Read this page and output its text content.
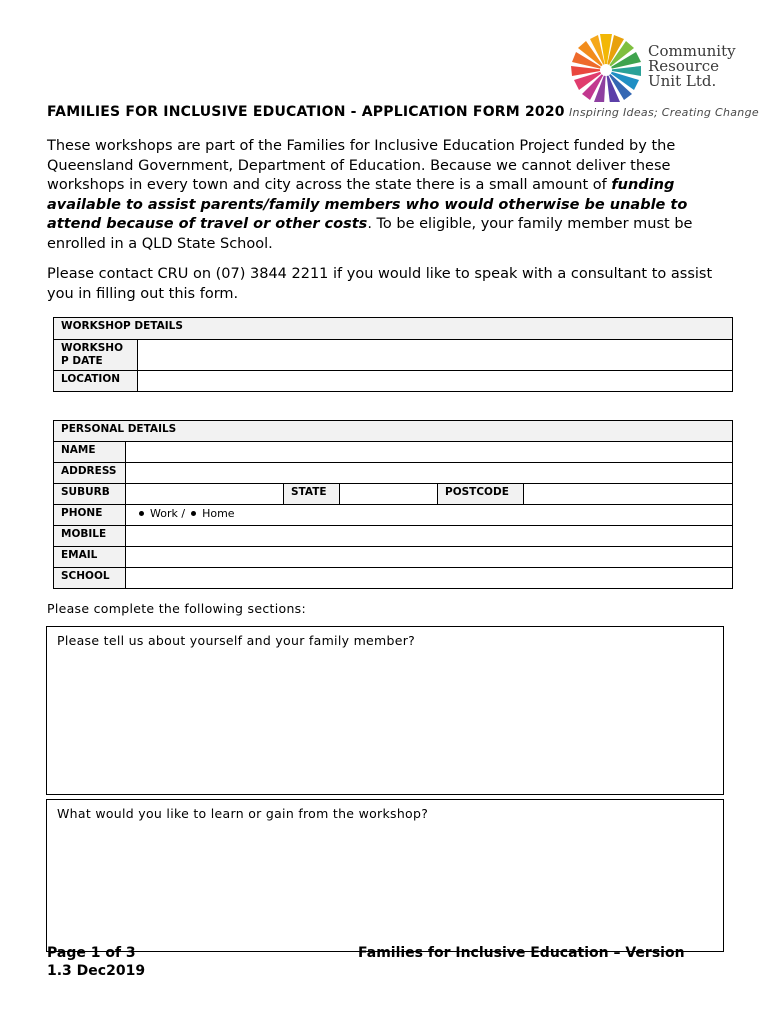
Community
Resource
Unit Ltd.
Inspiring Ideas; Creating Change
FAMILIES FOR INCLUSIVE EDUCATION - APPLICATION FORM 2020

These workshops are part of the Families for Inclusive Education Project funded by the Queensland Government, Department of Education. Because we cannot deliver these workshops in every town and city across the state there is a small amount of funding available to assist parents/family members who would otherwise be unable to attend because of travel or other costs. To be eligible, your family member must be enrolled in a QLD State School.

Please contact CRU on (07) 3844 2211 if you would like to speak with a consultant to assist you in filling out this form.

WORKSHOP DETAILS	
WORKSHO P DATE	
LOCATION	
PERSONAL DETAILS					
NAME					
ADDRESS					
SUBURB		STATE		POSTCODE	
PHONE	Work / Home				
MOBILE					
EMAIL					
SCHOOL					
Please complete the following sections:
Please tell us about yourself and your family member?
What would you like to learn or gain from the workshop?
Page 1 of 3
1.3 Dec2019
Families for Inclusive Education – Version
